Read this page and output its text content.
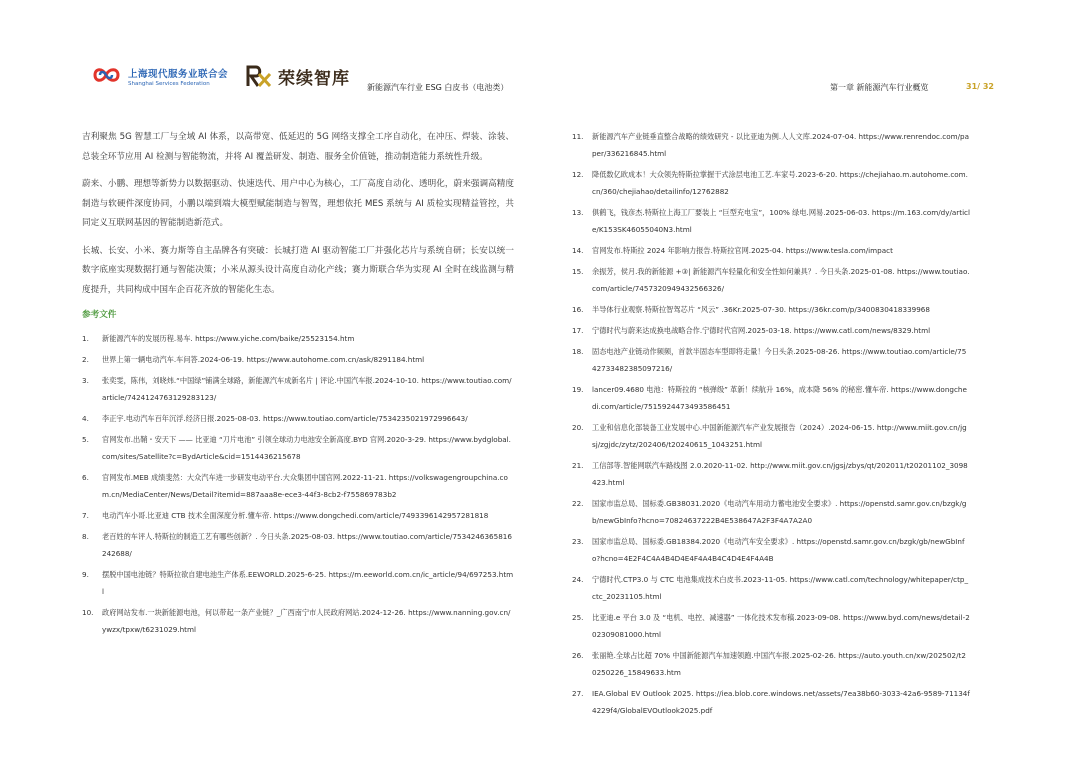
上海现代服务业联合会
Shanghai Services Federation	荣续智库 新能源汽车行业 ESG 白皮书（电池类）	第一章 新能源汽车行业概览	31/ 32

吉利聚焦 5G 智慧工厂与全域 AI 体系，以高带宽、低延迟的 5G 网络支撑全工序自动化，在冲压、焊装、涂装、总装全环节应用 AI 检测与智能物流，并将 AI 覆盖研发、制造、服务全价值链，推动制造能力系统性升级。

蔚来、小鹏、理想等新势力以数据驱动、快速迭代、用户中心为核心，工厂高度自动化、透明化，蔚来强调高精度制造与软硬件深度协同，小鹏以端到端大模型赋能制造与智驾，理想依托 MES 系统与 AI 质检实现精益管控，共同定义互联网基因的智能制造新范式。

长城、长安、小米、赛力斯等自主品牌各有突破：长城打造 AI 驱动智能工厂并强化芯片与系统自研；长安以统一数字底座实现数据打通与智能决策；小米从源头设计高度自动化产线；赛力斯联合华为实现 AI 全时在线监测与精度提升，共同构成中国车企百花齐放的智能化生态。

参考文件
1.	新能源汽车的发展历程.易车. https://www.yiche.com/baike/25523154.htm
2.	世界上第一辆电动汽车.车问答.2024-06-19. https://www.autohome.com.cn/ask/8291184.html
3.	张奕雯，陈伟，刘晓炜.“中国绿”铺满全球路，新能源汽车成新名片 | 评论.中国汽车报.2024-10-10. https://www.toutiao.com/article/7424124763129283123/
4.	李正宇.电动汽车百年沉浮.经济日报.2025-08-03. https://www.toutiao.com/article/7534235021972996643/
5.	官网发布.出鞘・安天下 —— 比亚迪 “刀片电池” 引领全球动力电池安全新高度.BYD 官网.2020-3-29. https://www.bydglobal.com/sites/Satellite?c=BydArticle&cid=1514436215678
6.	官网发布.MEB 成绩斐然：大众汽车进一步研发电动平台.大众集团中国官网.2022-11-21. https://volkswagengroupchina.com.cn/MediaCenter/News/Detail?itemid=887aaa8e-ece3-44f3-8cb2-f755869783b2
7.	电动汽车小哥.比亚迪 CTB 技术全面深度分析.懂车帝. https://www.dongchedi.com/article/7493396142957281818
8.	老百姓的车评人.特斯拉的制造工艺有哪些创新？. 今日头条.2025-08-03. https://www.toutiao.com/article/7534246365816242688/
9.	摆脱中国电池链？特斯拉欲自建电池生产体系.EEWORLD.2025-6-25. https://m.eeworld.com.cn/ic_article/94/697253.html
10.	政府网站发布.一块新能源电池，何以带起一条产业链？_广西南宁市人民政府网站.2024-12-26. https://www.nanning.gov.cn/ywzx/tpxw/t6231029.html
11.	新能源汽车产业链垂直整合战略的绩效研究 - 以比亚迪为例.人人文库.2024-07-04. https://www.renrendoc.com/paper/336216845.html
12.	降低数亿欧成本！大众领先特斯拉掌握干式涂层电池工艺.车家号.2023-6-20. https://chejiahao.m.autohome.com.cn/360/chejiahao/detailinfo/12762882
13.	俱鹤飞，钱彦杰.特斯拉上海工厂要装上 “巨型充电宝”，100% 绿电.网易.2025-06-03. https://m.163.com/dy/article/K153SK46055040N3.html
14.	官网发布.特斯拉 2024 年影响力报告.特斯拉官网.2025-04. https://www.tesla.com/impact
15.	余振芳，侯月.我的新能源 +③| 新能源汽车轻量化和安全性如何兼具？. 今日头条.2025-01-08. https://www.toutiao.com/article/7457320949432566326/
16.	半导体行业观察.特斯拉智驾芯片 “风云” .36Kr.2025-07-30. https://36kr.com/p/3400830418339968
17.	宁德时代与蔚来达成换电战略合作.宁德时代官网.2025-03-18. https://www.catl.com/news/8329.html
18.	固态电池产业链动作频频，首款半固态车型即将走量！今日头条.2025-08-26. https://www.toutiao.com/article/7542733482385097216/
19.	lancer09.4680 电池：特斯拉的 “核弹级” 革新！续航升 16%，成本降 56% 的秘密.懂车帝. https://www.dongchedi.com/article/7515924473493586451
20.	工业和信息化部装备工业发展中心.中国新能源汽车产业发展报告（2024）.2024-06-15. http://www.miit.gov.cn/jgsj/zgjdc/zytz/202406/t20240615_1043251.html
21.	工信部等.智能网联汽车路线图 2.0.2020-11-02. http://www.miit.gov.cn/jgsj/zbys/qt/202011/t20201102_3098423.html
22.	国家市监总局、国标委.GB38031.2020《电动汽车用动力蓄电池安全要求》. https://openstd.samr.gov.cn/bzgk/gb/newGbInfo?hcno=70824637222B4E538647A2F3F4A7A2A0
23.	国家市监总局、国标委.GB18384.2020《电动汽车安全要求》. https://openstd.samr.gov.cn/bzgk/gb/newGbInfo?hcno=4E2F4C4A4B4D4E4F4A4B4C4D4E4F4A4B
24.	宁德时代.CTP3.0 与 CTC 电池集成技术白皮书.2023-11-05. https://www.catl.com/technology/whitepaper/ctp_ctc_20231105.html
25.	比亚迪.e 平台 3.0 及 “电机、电控、减速器” 一体化技术发布稿.2023-09-08. https://www.byd.com/news/detail-202309081000.html
26.	张丽艳.全球占比超 70% 中国新能源汽车加速领跑.中国汽车报.2025-02-26. https://auto.youth.cn/xw/202502/t20250226_15849633.htm
27.	IEA.Global EV Outlook 2025. https://iea.blob.core.windows.net/assets/7ea38b60-3033-42a6-9589-71134f4229f4/GlobalEVOutlook2025.pdf
